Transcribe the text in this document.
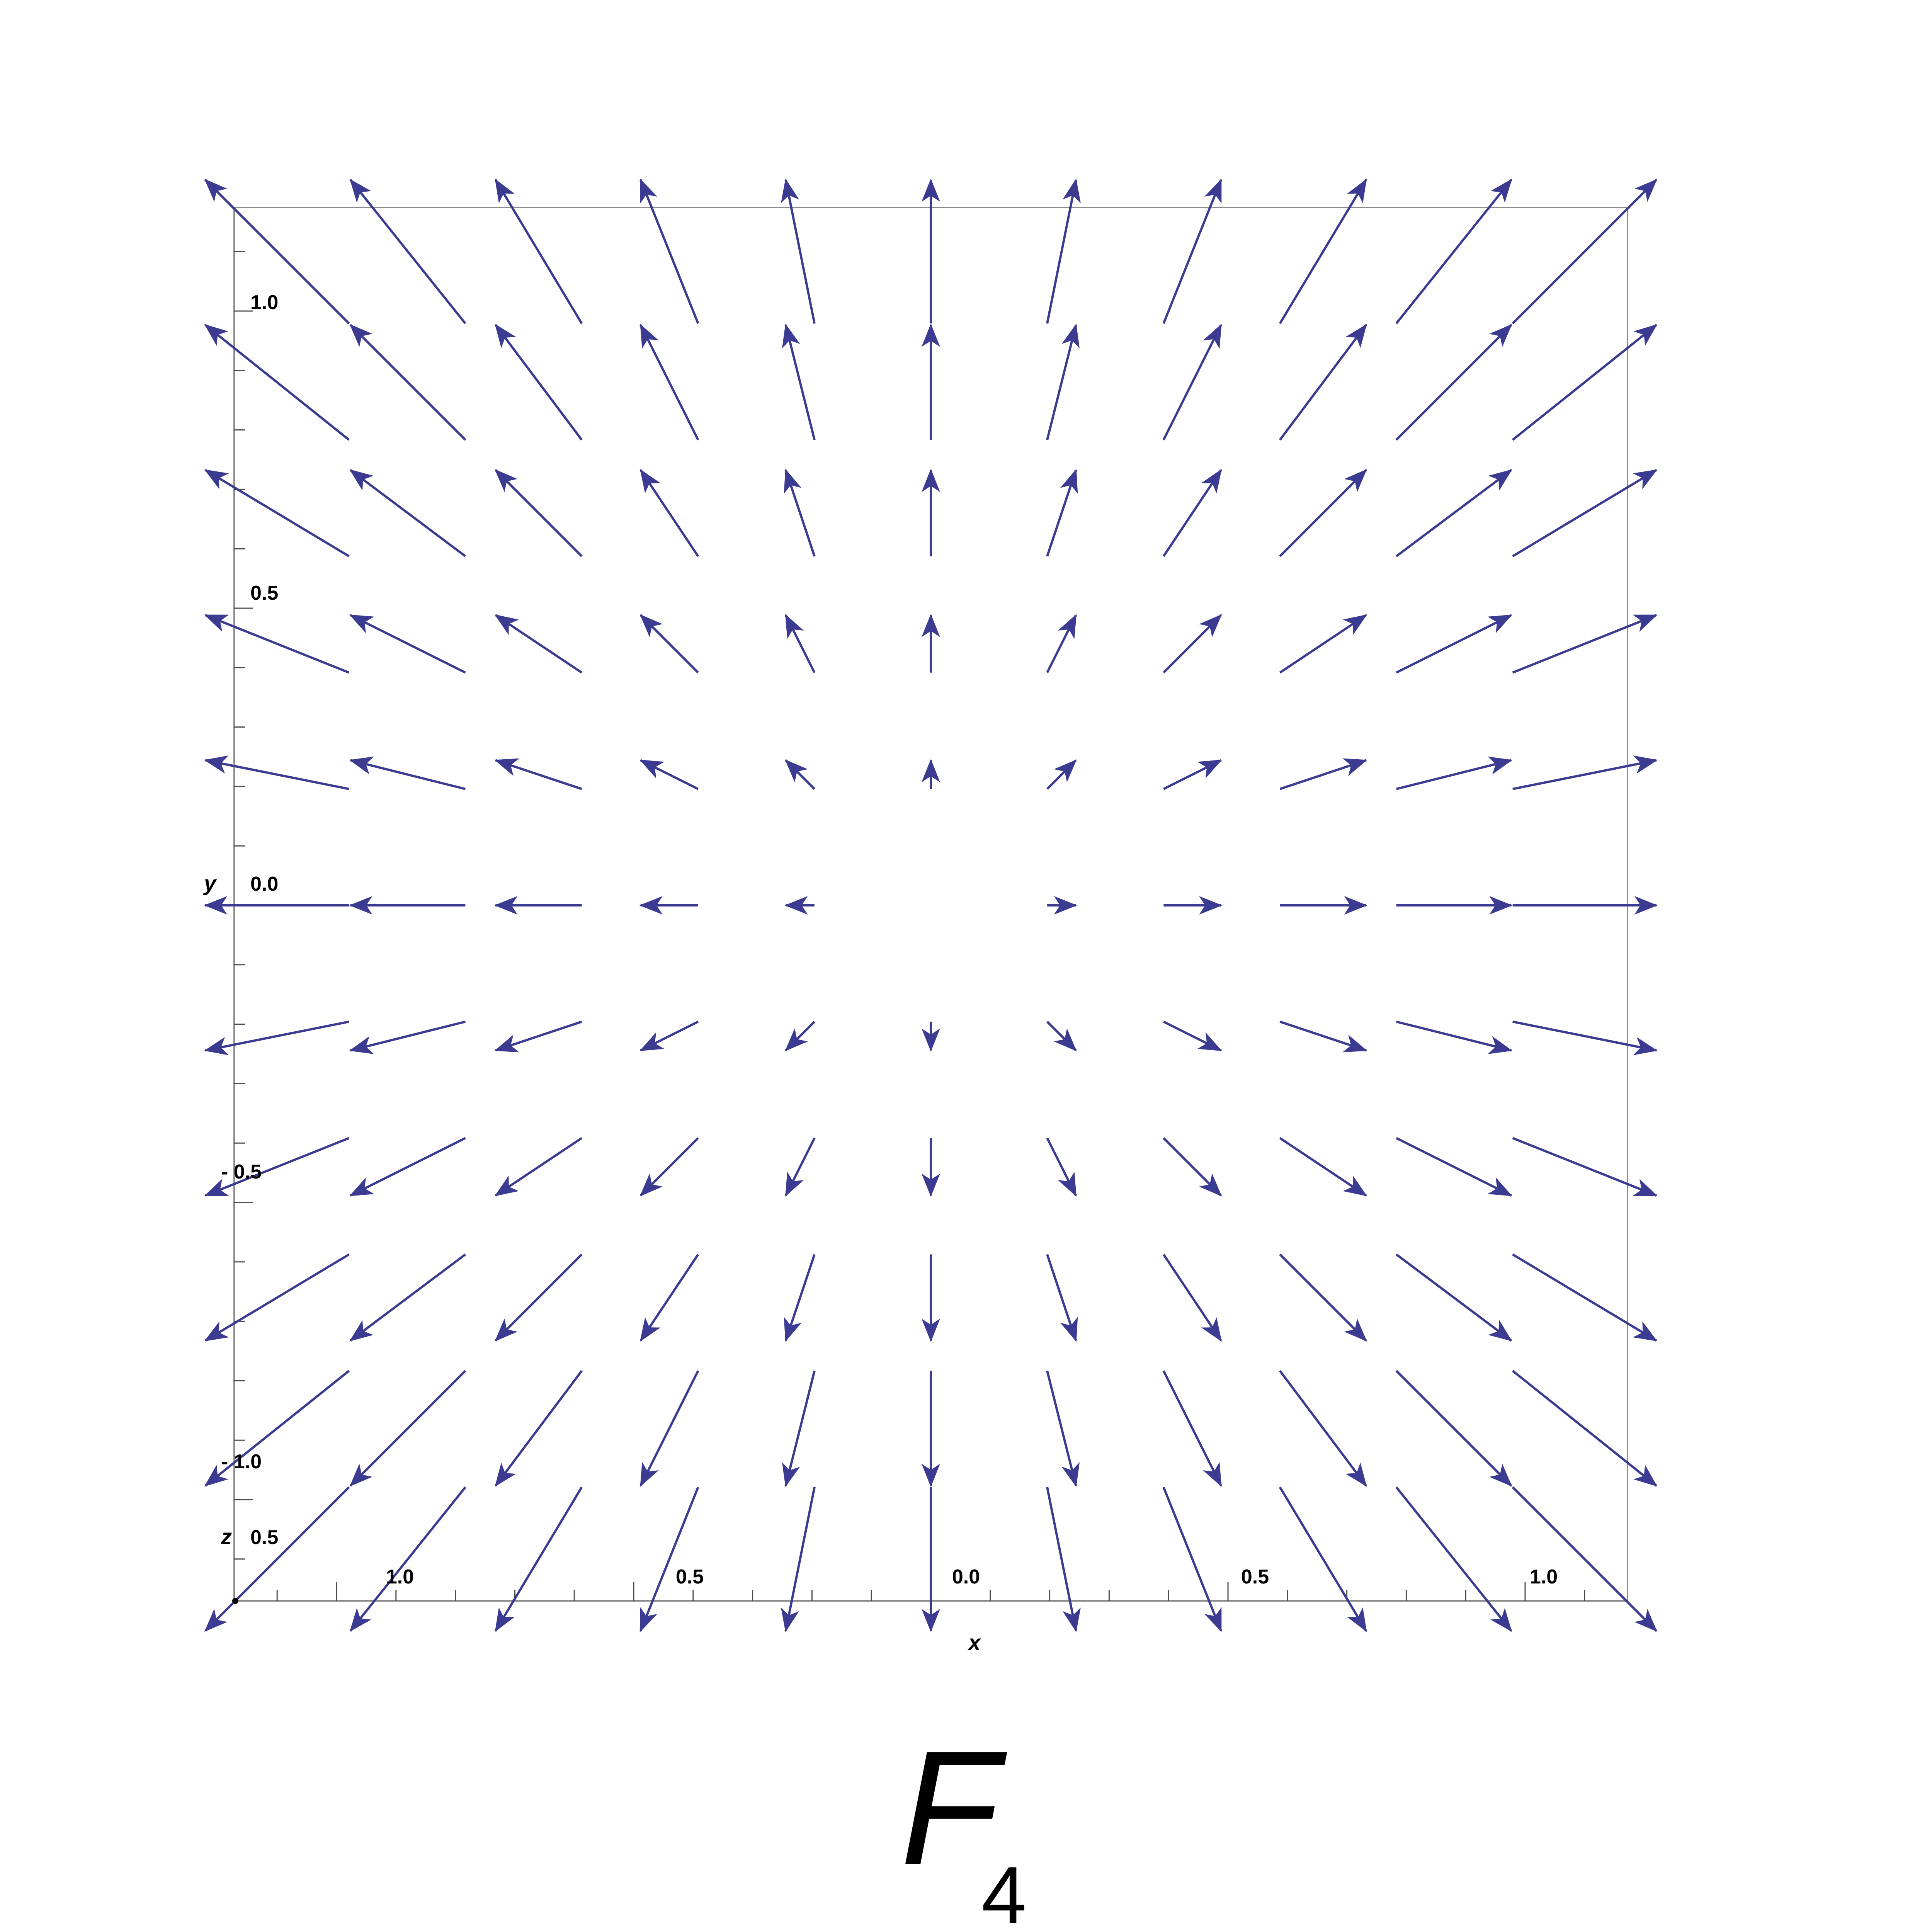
1.0	0.5	0.0	0.5	1.0
1.0
0.5
0.0
- 0.5
- 1.0
0.5
x
y
z
F
4
